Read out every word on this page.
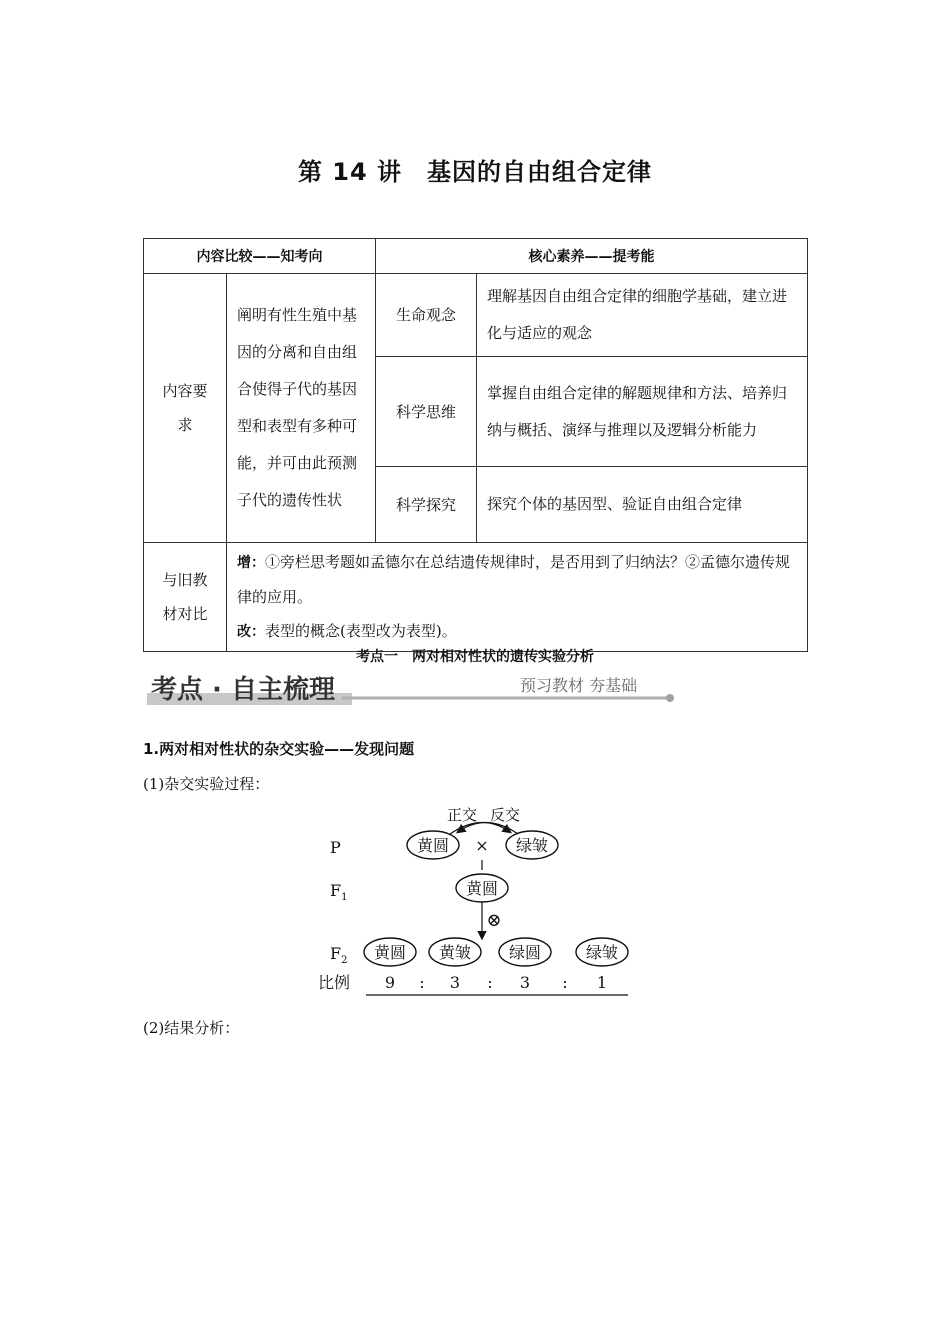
第 14 讲　基因的自由组合定律
内容比较——知考向		核心素养——提考能	
内容要求	阐明有性生殖中基因的分离和自由组合使得子代的基因型和表型有多种可能，并可由此预测子代的遗传性状	生命观念	理解基因自由组合定律的细胞学基础，建立进化与适应的观念
		科学思维	掌握自由组合定律的解题规律和方法、培养归纳与概括、演绎与推理以及逻辑分析能力
		科学探究	探究个体的基因型、验证自由组合定律
与旧教材对比	增：①旁栏思考题如孟德尔在总结遗传规律时，是否用到了归纳法？②孟德尔遗传规律的应用。
改：表型的概念(表型改为表型)。		
考点一　两对相对性状的遗传实验分析
考点 · 自主梳理	预习教材 夯基础
1.两对相对性状的杂交实验——发现问题
(1)杂交实验过程：
正交 反交
P	黄圆 × 绿皱
$F_1$	黄圆
⊗
$F_2$ 黄圆 黄皱 绿圆	绿皱
比例 9 : 3 : 3 : 1
(2)结果分析：
